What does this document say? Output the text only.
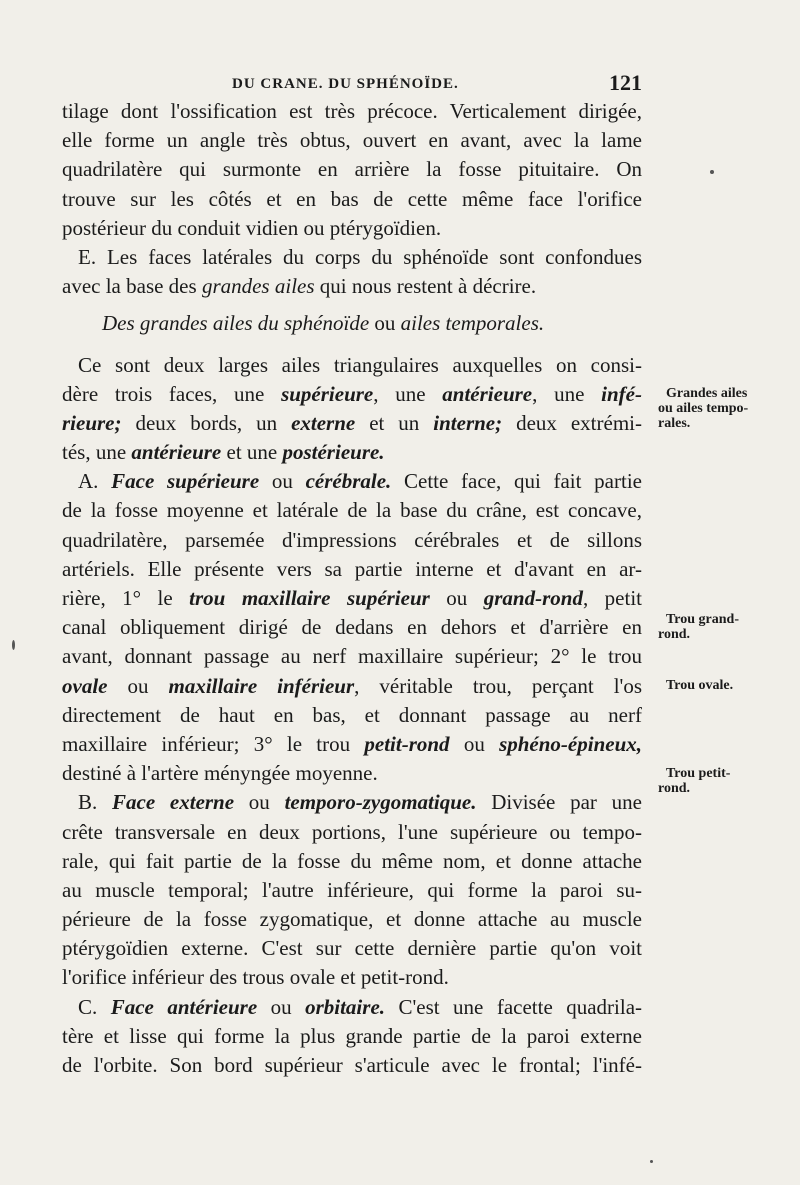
DU CRANE. DU SPHÉNOÏDE.	121
tilage dont l'ossification est très précoce. Verticalement dirigée,
elle forme un angle très obtus, ouvert en avant, avec la lame
quadrilatère qui surmonte en arrière la fosse pituitaire. On
trouve sur les côtés et en bas de cette même face l'orifice
postérieur du conduit vidien ou ptérygoïdien.
E. Les faces latérales du corps du sphénoïde sont confondues
avec la base des grandes ailes qui nous restent à décrire.
Des grandes ailes du sphénoïde ou ailes temporales.
Ce sont deux larges ailes triangulaires auxquelles on consi-
dère trois faces, une supérieure, une antérieure, une infé-
rieure; deux bords, un externe et un interne; deux extrémi-
tés, une antérieure et une postérieure.
A. Face supérieure ou cérébrale. Cette face, qui fait partie
de la fosse moyenne et latérale de la base du crâne, est concave,
quadrilatère, parsemée d'impressions cérébrales et de sillons
artériels. Elle présente vers sa partie interne et d'avant en ar-
rière, 1° le trou maxillaire supérieur ou grand-rond, petit
canal obliquement dirigé de dedans en dehors et d'arrière en
avant, donnant passage au nerf maxillaire supérieur; 2° le trou
ovale ou maxillaire inférieur, véritable trou, perçant l'os
directement de haut en bas, et donnant passage au nerf
maxillaire inférieur; 3° le trou petit-rond ou sphéno-épineux,
destiné à l'artère ményngée moyenne.
B. Face externe ou temporo-zygomatique. Divisée par une
crête transversale en deux portions, l'une supérieure ou tempo-
rale, qui fait partie de la fosse du même nom, et donne attache
au muscle temporal; l'autre inférieure, qui forme la paroi su-
périeure de la fosse zygomatique, et donne attache au muscle
ptérygoïdien externe. C'est sur cette dernière partie qu'on voit
l'orifice inférieur des trous ovale et petit-rond.
C. Face antérieure ou orbitaire. C'est une facette quadrila-
tère et lisse qui forme la plus grande partie de la paroi externe
de l'orbite. Son bord supérieur s'articule avec le frontal; l'infé-
Grandes ailes
ou ailes tempo-
rales.
Trou grand-
rond.
Trou ovale.
Trou petit-
rond.
